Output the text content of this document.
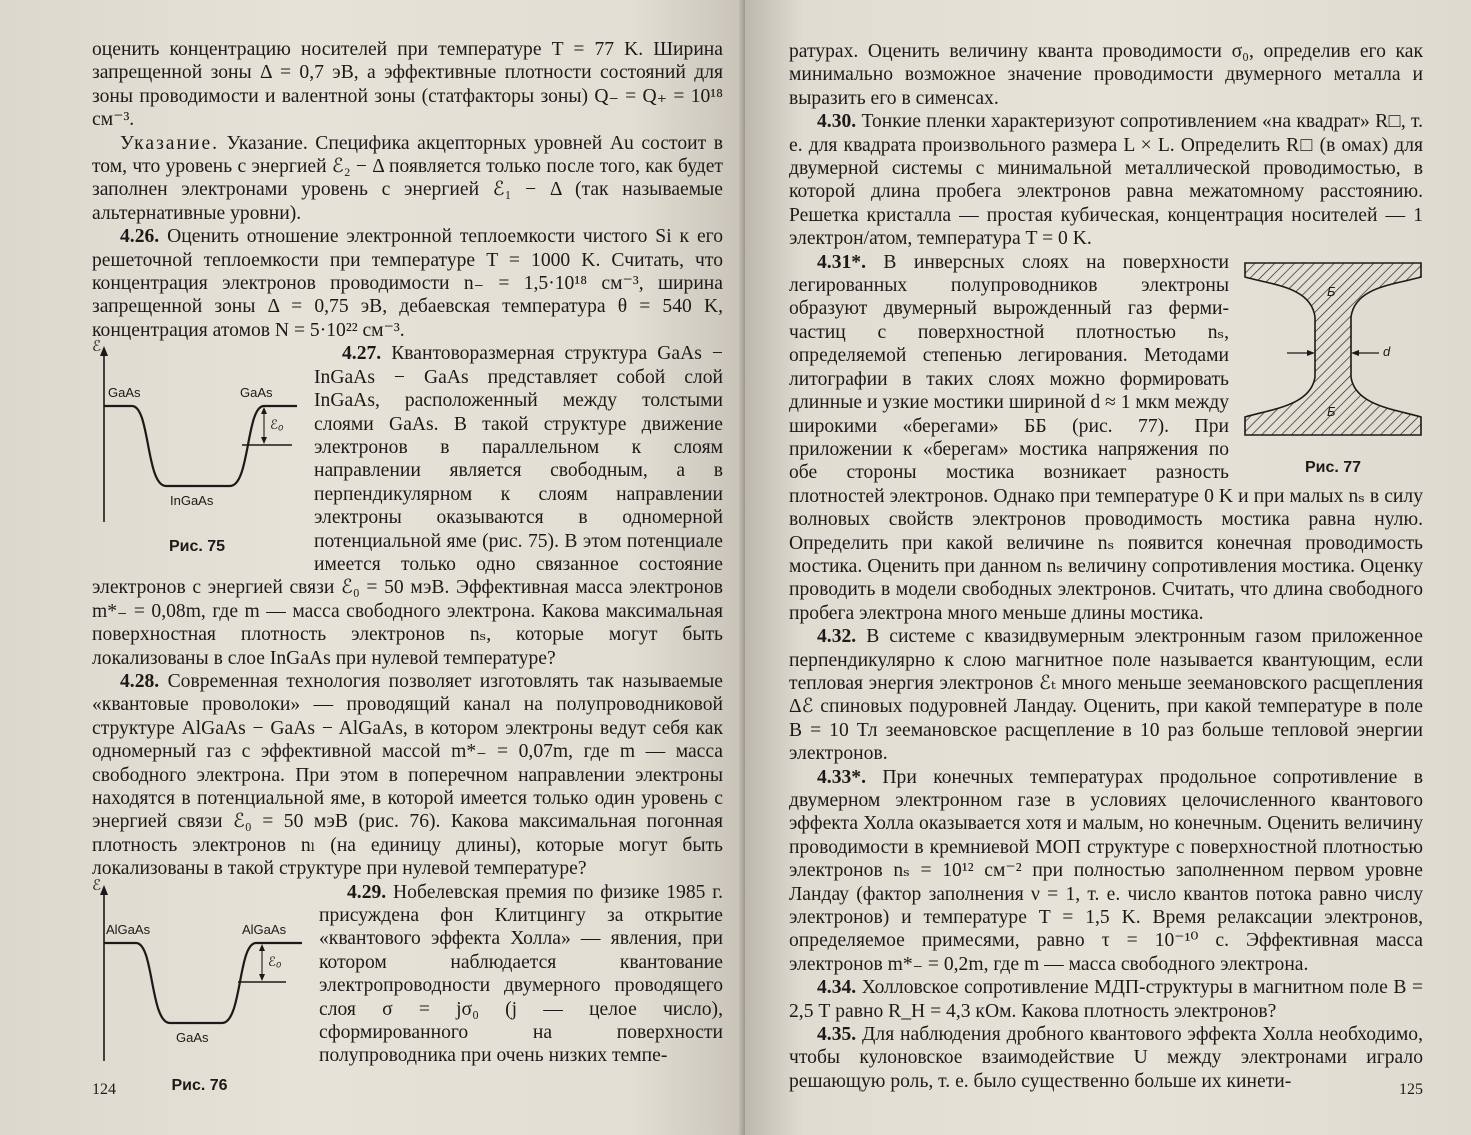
оценить концентрацию носителей при температуре T = 77 K. Ширина запрещенной зоны Δ = 0,7 эВ, а эффективные плотности состояний для зоны проводимости и валентной зоны (статфакторы зоны) Q₋ = Q₊ = 10¹⁸ см⁻³.

Указание. Указание. Специфика акцепторных уровней Au состоит в том, что уровень с энергией ℰ₂ − Δ появляется только после того, как будет заполнен электронами уровень с энергией ℰ₁ − Δ (так называемые альтернативные уровни).

4.26. Оценить отношение электронной теплоемкости чистого Si к его решеточной теплоемкости при температуре T = 1000 K. Считать, что концентрация электронов проводимости n₋ = 1,5·10¹⁸ см⁻³, ширина запрещенной зоны Δ = 0,75 эВ, дебаевская температура θ = 540 K, концентрация атомов N = 5·10²² см⁻³.

ℰ
GaAs	GaAs
ℰ₀
InGaAs
Рис. 75

4.27. Квантоворазмерная структура GaAs − InGaAs − GaAs представляет собой слой InGaAs, расположенный между толстыми слоями GaAs. В такой структуре движение электронов в параллельном к слоям направлении является свободным, а в перпендикулярном к слоям направлении электроны оказываются в одномерной потенциальной яме (рис. 75). В этом потенциале имеется только одно связанное состояние электронов с энергией связи ℰ₀ = 50 мэВ. Эффективная масса электронов m*₋ = 0,08m, где m — масса свободного электрона. Какова максимальная поверхностная плотность электронов nₛ, которые могут быть локализованы в слое InGaAs при нулевой температуре?

4.28. Современная технология позволяет изготовлять так называемые «квантовые проволоки» — проводящий канал на полупроводниковой структуре AlGaAs − GaAs − AlGaAs, в котором электроны ведут себя как одномерный газ с эффективной массой m*₋ = 0,07m, где m — масса свободного электрона. При этом в поперечном направлении электроны находятся в потенциальной яме, в которой имеется только один уровень с энергией связи ℰ₀ = 50 мэВ (рис. 76). Какова максимальная погонная плотность электронов nₗ (на единицу длины), которые могут быть локализованы в такой структуре при нулевой температуре?

ℰ
AlGaAs	AlGaAs
ℰ₀
GaAs
Рис. 76

4.29. Нобелевская премия по физике 1985 г. присуждена фон Клитцингу за открытие «квантового эффекта Холла» — явления, при котором наблюдается квантование электропроводности двумерного проводящего слоя σ = jσ₀ (j — целое число), сформированного на поверхности полупроводника при очень низких темпе-

124

ратурах. Оценить величину кванта проводимости σ₀, определив его как минимально возможное значение проводимости двумерного металла и выразить его в сименсах.

4.30. Тонкие пленки характеризуют сопротивлением «на квадрат» R□, т. е. для квадрата произвольного размера L × L. Определить R□ (в омах) для двумерной системы с минимальной металлической проводимостью, в которой длина пробега электронов равна межатомному расстоянию. Решетка кристалла — простая кубическая, концентрация носителей — 1 электрон/атом, температура T = 0 K.

Б
Б
d
Рис. 77

4.31*. В инверсных слоях на поверхности легированных полупроводников электроны образуют двумерный вырожденный газ ферми-частиц с поверхностной плотностью nₛ, определяемой степенью легирования. Методами литографии в таких слоях можно формировать длинные и узкие мостики шириной d ≈ 1 мкм между широкими «берегами» ББ (рис. 77). При приложении к «берегам» мостика напряжения по обе стороны мостика возникает разность плотностей электронов. Однако при температуре 0 K и при малых nₛ в силу волновых свойств электронов проводимость мостика равна нулю. Определить при какой величине nₛ появится конечная проводимость мостика. Оценить при данном nₛ величину сопротивления мостика. Оценку проводить в модели свободных электронов. Считать, что длина свободного пробега электрона много меньше длины мостика.

4.32. В системе с квазидвумерным электронным газом приложенное перпендикулярно к слою магнитное поле называется квантующим, если тепловая энергия электронов ℰₜ много меньше зеемановского расщепления Δℰ спиновых подуровней Ландау. Оценить, при какой температуре в поле B = 10 Тл зеемановское расщепление в 10 раз больше тепловой энергии электронов.

4.33*. При конечных температурах продольное сопротивление в двумерном электронном газе в условиях целочисленного квантового эффекта Холла оказывается хотя и малым, но конечным. Оценить величину проводимости в кремниевой МОП структуре с поверхностной плотностью электронов nₛ = 10¹² см⁻² при полностью заполненном первом уровне Ландау (фактор заполнения ν = 1, т. е. число квантов потока равно числу электронов) и температуре T = 1,5 K. Время релаксации электронов, определяемое примесями, равно τ = 10⁻¹⁰ с. Эффективная масса электронов m*₋ = 0,2m, где m — масса свободного электрона.

4.34. Холловское сопротивление МДП-структуры в магнитном поле B = 2,5 Т равно R_H = 4,3 кОм. Какова плотность электронов?

4.35. Для наблюдения дробного квантового эффекта Холла необходимо, чтобы кулоновское взаимодействие U между электронами играло решающую роль, т. е. было существенно больше их кинети-	125
